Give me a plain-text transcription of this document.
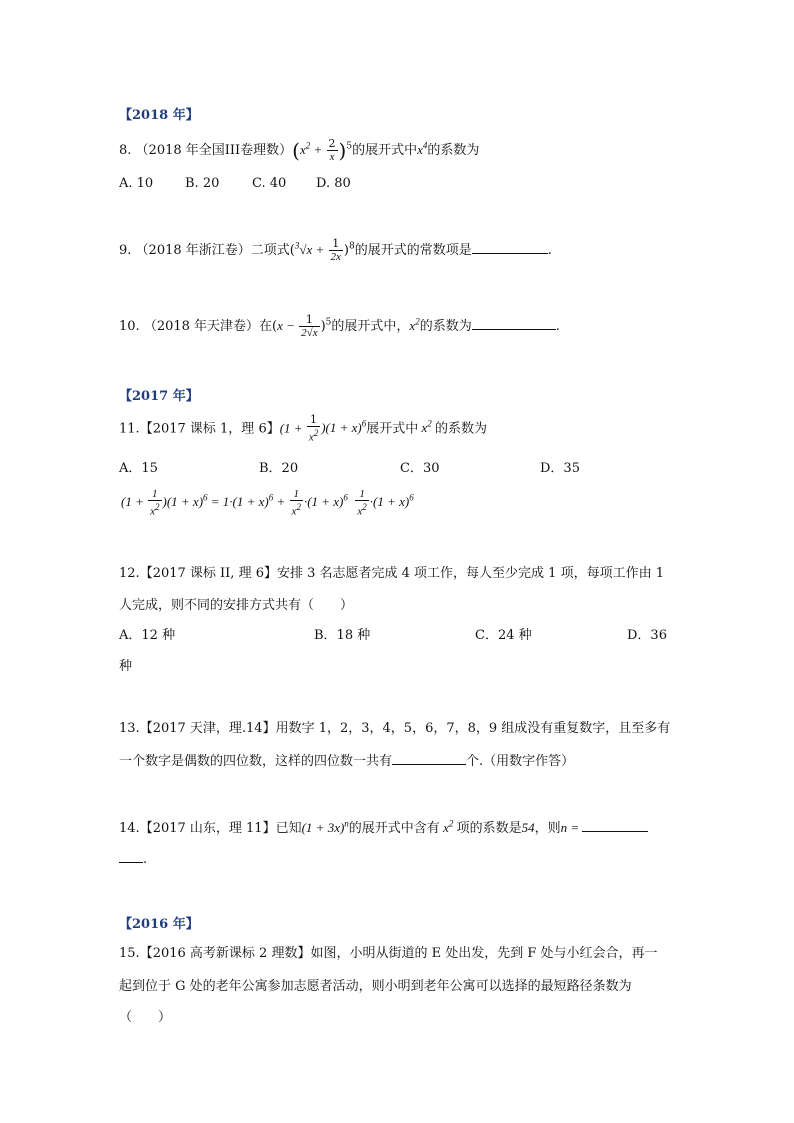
【2018 年】
8. （2018 年全国III卷理数）$(x^2 + \frac{2}{x} )^5$的展开式中$x^4$的系数为
A. 10 B. 20	C. 40 D. 80
9. （2018 年浙江卷）二项式$(^3√x + \frac{1}{2x} )^8$的展开式的常数项是	.
10. （2018 年天津卷）在$(x - \frac{1}{2√x} )^5$的展开式中，$x^2$的系数为	.
【2017 年】
11.【2017 课标 1，理 6】$(1 + \frac{1}{x^2} )(1 + x)^6$展开式中 $x^2$ 的系数为
A．15	B．20	C．30	D．35
$(1 + \frac{1}{x^2} )(1 + x)^6 = 1\cdot(1 + x)^6 + \frac{1}{x^2} \cdot(1 + x)^6 \frac{1}{x^2} \cdot(1 + x)^6$
12.【2017 课标 II, 理 6】安排 3 名志愿者完成 4 项工作，每人至少完成 1 项，每项工作由 1
人完成，则不同的安排方式共有（　　）
A．12 种	B．18 种	C．24 种	D．36
种
13.【2017 天津，理.14】用数字 1，2，3，4，5，6，7，8，9 组成没有重复数字，且至多有
一个数字是偶数的四位数，这样的四位数一共有	个.（用数字作答）
14.【2017 山东，理 11】已知$(1 + 3x)^n$的展开式中含有 $x^2$ 项的系数是54，则n =
.
【2016 年】
15.【2016 高考新课标 2 理数】如图，小明从街道的 E 处出发，先到 F 处与小红会合，再一
起到位于 G 处的老年公寓参加志愿者活动，则小明到老年公寓可以选择的最短路径条数为
（　　）
